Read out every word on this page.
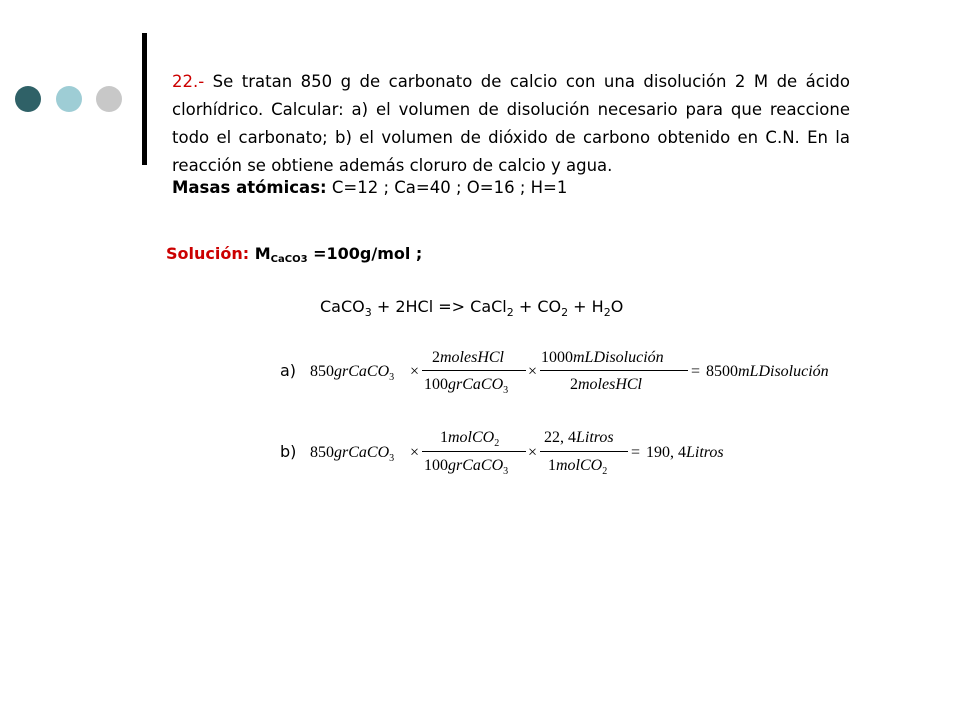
22.- Se tratan 850 g de carbonato de calcio con una disolución 2 M de ácido clorhídrico. Calcular: a) el volumen de disolución necesario para que reaccione todo el carbonato; b) el volumen de dióxido de carbono obtenido en C.N. En la reacción se obtiene además cloruro de calcio y agua.

Masas atómicas: C=12 ; Ca=40 ; O=16 ; H=1
Solución: MCaCO3 =100g/mol ;
CaCO$_3$ + 2HCl => CaCl$_2$ + $CO_2 + H_2O$
a) 850grCaCO$_3$ ×
2molesHCl
100grCaCO$_3$
×
1000mLDisolución
2molesHCl
= 8500mLDisolución
b) 850grCaCO$_3$ ×
1molCO$_2$
100grCaCO$_3$
×
22, 4Litros
1molCO$_2$
= 190, 4Litros
